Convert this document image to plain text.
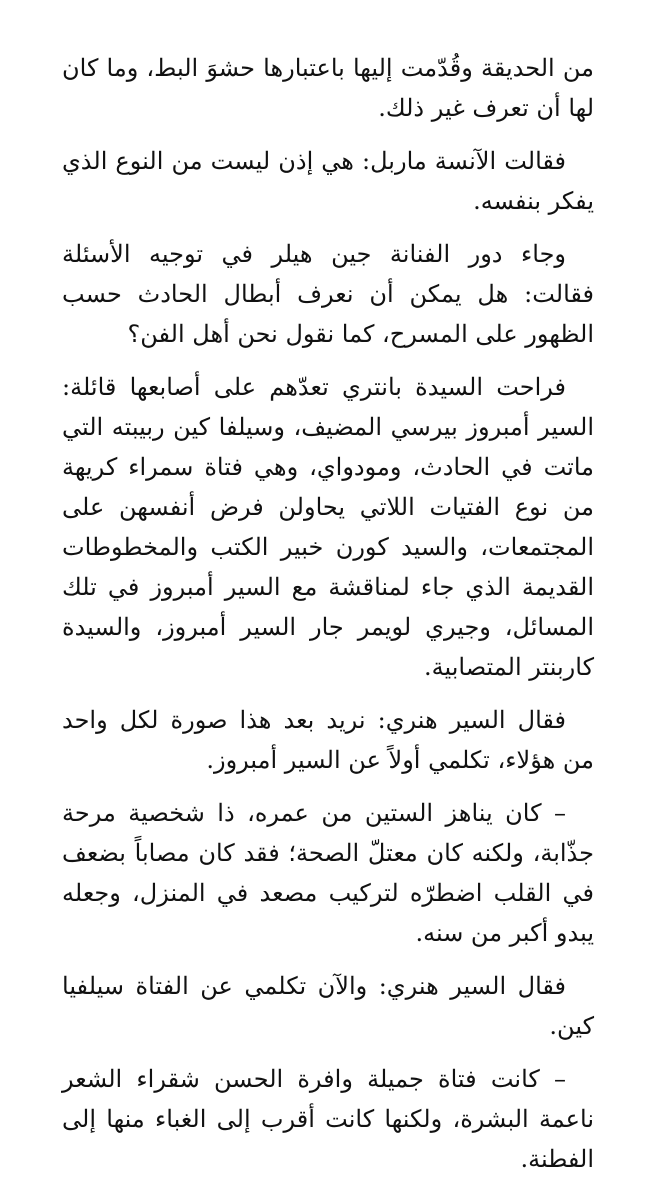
من الحديقة وقُدّمت إليها باعتبارها حشوَ البط، وما كان لها أن تعرف غير ذلك.

فقالت الآنسة ماربل: هي إذن ليست من النوع الذي يفكر بنفسه.

وجاء دور الفنانة جين هيلر في توجيه الأسئلة فقالت: هل يمكن أن نعرف أبطال الحادث حسب الظهور على المسرح، كما نقول نحن أهل الفن؟

فراحت السيدة بانتري تعدّهم على أصابعها قائلة: السير أمبروز بيرسي المضيف، وسيلفا كين ربيبته التي ماتت في الحادث، ومودواي، وهي فتاة سمراء كريهة من نوع الفتيات اللاتي يحاولن فرض أنفسهن على المجتمعات، والسيد كورن خبير الكتب والمخطوطات القديمة الذي جاء لمناقشة مع السير أمبروز في تلك المسائل، وجيري لويمر جار السير أمبروز، والسيدة كاربنتر المتصابية.

فقال السير هنري: نريد بعد هذا صورة لكل واحد من هؤلاء، تكلمي أولاً عن السير أمبروز.

– كان يناهز الستين من عمره، ذا شخصية مرحة جذّابة، ولكنه كان معتلّ الصحة؛ فقد كان مصاباً بضعف في القلب اضطرّه لتركيب مصعد في المنزل، وجعله يبدو أكبر من سنه.

فقال السير هنري: والآن تكلمي عن الفتاة سيلفيا كين.

– كانت فتاة جميلة وافرة الحسن شقراء الشعر ناعمة البشرة، ولكنها كانت أقرب إلى الغباء منها إلى الفطنة.
